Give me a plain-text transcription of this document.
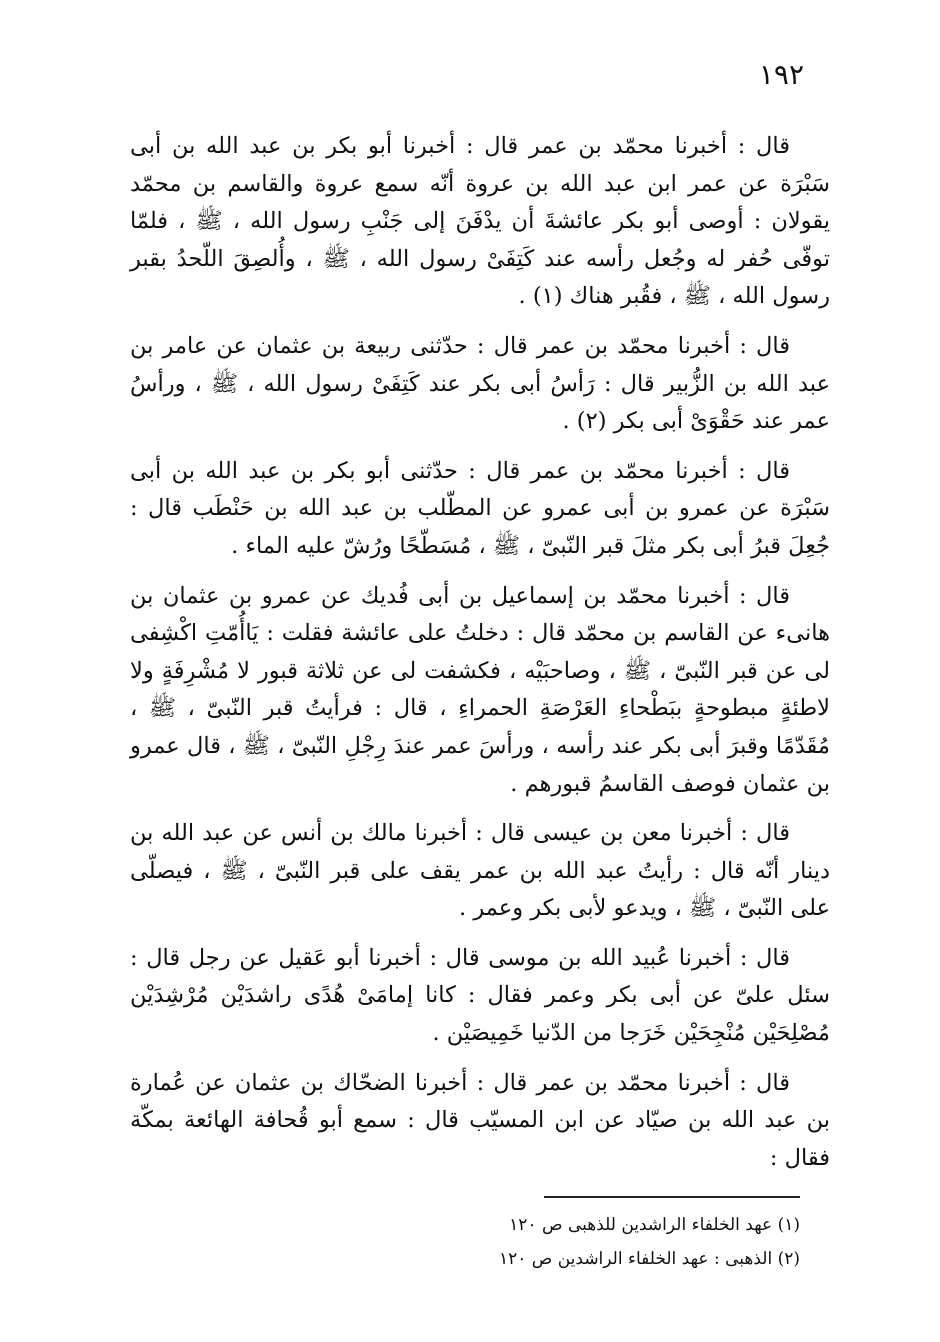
١٩٢

قال : أخبرنا محمّد بن عمر قال : أخبرنا أبو بكر بن عبد الله بن أبى سَبْرَة عن عمر ابن عبد الله بن عروة أنّه سمع عروة والقاسم بن محمّد يقولان : أوصى أبو بكر عائشةَ أن يدْفَنَ إلى جَنْبِ رسول الله ، ﷺ ، فلمّا توفّى حُفر له وجُعل رأسه عند كَتِفَىْ رسول الله ، ﷺ ، وأُلصِقَ اللّحدُ بقبر رسول الله ، ﷺ ، فقُبر هناك (١) .

قال : أخبرنا محمّد بن عمر قال : حدّثنى ربيعة بن عثمان عن عامر بن عبد الله بن الزُّبير قال : رَأسُ أبى بكر عند كَتِفَىْ رسول الله ، ﷺ ، ورأسُ عمر عند حَقْوَىْ أبى بكر (٢) .

قال : أخبرنا محمّد بن عمر قال : حدّثنى أبو بكر بن عبد الله بن أبى سَبْرَة عن عمرو بن أبى عمرو عن المطّلب بن عبد الله بن حَنْطَب قال : جُعِلَ قبرُ أبى بكر مثلَ قبر النّبىّ ، ﷺ ، مُسَطّحًا ورُشّ عليه الماء .

قال : أخبرنا محمّد بن إسماعيل بن أبى فُديك عن عمرو بن عثمان بن هانىء عن القاسم بن محمّد قال : دخلتُ على عائشة فقلت : يَاأُمّتِ اكْشِفى لى عن قبر النّبىّ ، ﷺ ، وصاحبَيْه ، فكشفت لى عن ثلاثة قبور لا مُشْرِفَةٍ ولا لاطئةٍ مبطوحةٍ ببَطْحاءِ العَرْصَةِ الحمراءِ ، قال : فرأيتُ قبر النّبىّ ، ﷺ ، مُقَدّمًا وقبرَ أبى بكر عند رأسه ، ورأسَ عمر عندَ رِجْلِ النّبىّ ، ﷺ ، قال عمرو بن عثمان فوصف القاسمُ قبورهم .

قال : أخبرنا معن بن عيسى قال : أخبرنا مالك بن أنس عن عبد الله بن دينار أنّه قال : رأيتُ عبد الله بن عمر يقف على قبر النّبىّ ، ﷺ ، فيصلّى على النّبىّ ، ﷺ ، ويدعو لأبى بكر وعمر .

قال : أخبرنا عُبيد الله بن موسى قال : أخبرنا أبو عَقيل عن رجل قال : سئل علىّ عن أبى بكر وعمر فقال : كانا إمامَىْ هُدًى راشدَيْن مُرْشِدَيْن مُصْلِحَيْن مُنْجِحَيْن خَرَجا من الدّنيا خَمِيصَيْن .

قال : أخبرنا محمّد بن عمر قال : أخبرنا الضحّاك بن عثمان عن عُمارة بن عبد الله بن صيّاد عن ابن المسيّب قال : سمع أبو قُحافة الهائعة بمكّة فقال :

(١) عهد الخلفاء الراشدين للذهبى ص ١٢٠

(٢) الذهبى : عهد الخلفاء الراشدين ص ١٢٠
